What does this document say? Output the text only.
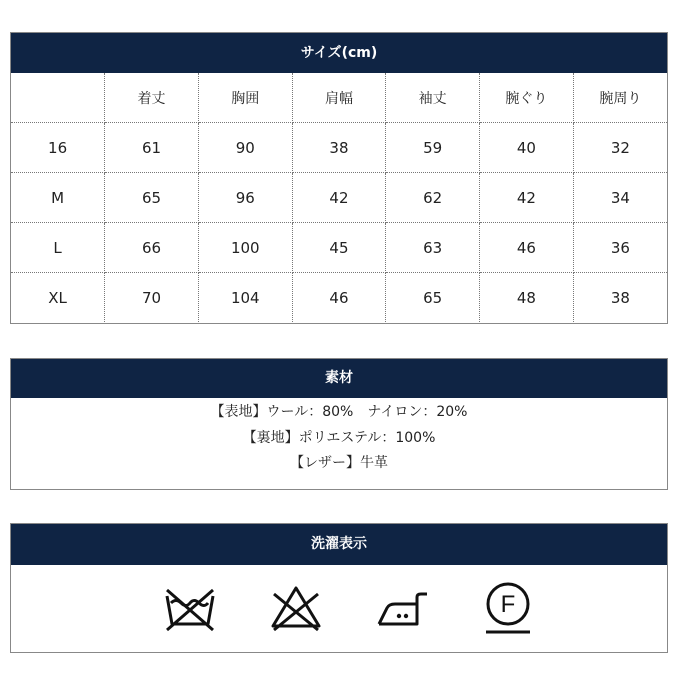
サイズ(cm)
	着丈	胸囲	肩幅	袖丈	腕ぐり	腕周り
16	61	90	38	59	40	32
M	65	96	42	62	42	34
L	66	100	45	63	46	36
XL	70	104	46	65	48	38
素材
【表地】ウール：80%　ナイロン：20%
【裏地】ポリエステル：100%
【レザー】牛革
洗濯表示
F
